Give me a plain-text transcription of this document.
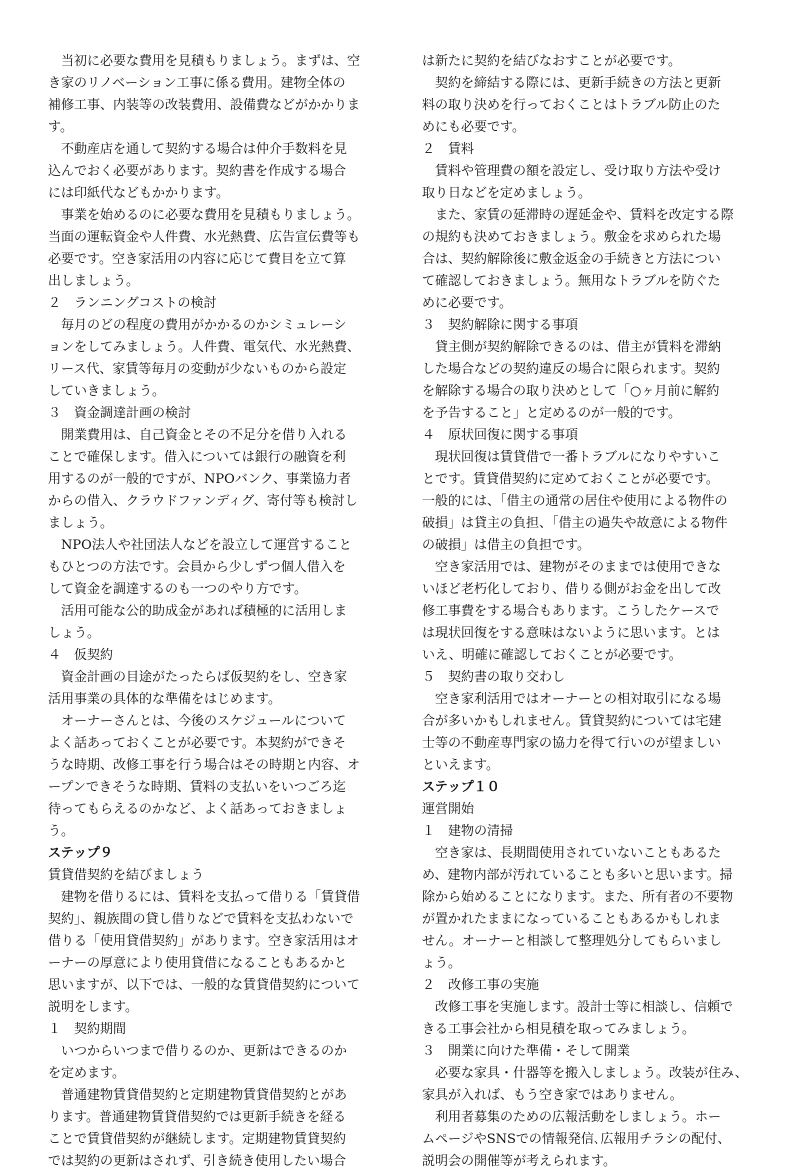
　当初に必要な費用を見積もりましょう。まずは、空
き家のリノベーション工事に係る費用。建物全体の
補修工事、内装等の改装費用、設備費などがかかりま
す。
　不動産店を通して契約する場合は仲介手数料を見
込んでおく必要があります。契約書を作成する場合
には印紙代などもかかります。
　事業を始めるのに必要な費用を見積もりましょう。
当面の運転資金や人件費、水光熱費、広告宣伝費等も
必要です。空き家活用の内容に応じて費目を立て算
出しましょう。
２　ランニングコストの検討
　毎月のどの程度の費用がかかるのかシミュレーシ
ョンをしてみましょう。人件費、電気代、水光熱費、
リース代、家賃等毎月の変動が少ないものから設定
していきましょう。
３　資金調達計画の検討
　開業費用は、自己資金とその不足分を借り入れる
ことで確保します。借入については銀行の融資を利
用するのが一般的ですが、NPOバンク、事業協力者
からの借入、クラウドファンディグ、寄付等も検討し
ましょう。
　NPO法人や社団法人などを設立して運営すること
もひとつの方法です。会員から少しずつ個人借入を
して資金を調達するのも一つのやり方です。
　活用可能な公的助成金があれば積極的に活用しま
しょう。
４　仮契約
　資金計画の目途がたったらば仮契約をし、空き家
活用事業の具体的な準備をはじめます。
　オーナーさんとは、今後のスケジュールについて
よく話あっておくことが必要です。本契約ができそ
うな時期、改修工事を行う場合はその時期と内容、オ
ープンできそうな時期、賃料の支払いをいつごろ迄
待ってもらえるのかなど、よく話あっておきましょ
う。
ステップ９
賃貸借契約を結びましょう
　建物を借りるには、賃料を支払って借りる「賃貸借
契約」、親族間の貸し借りなどで賃料を支払わないで
借りる「使用貸借契約」があります。空き家活用はオ
ーナーの厚意により使用貸借になることもあるかと
思いますが、以下では、一般的な賃貸借契約について
説明をします。
１　契約期間
　いつからいつまで借りるのか、更新はできるのか
を定めます。
　普通建物賃貸借契約と定期建物賃貸借契約とがあ
ります。普通建物賃貸借契約では更新手続きを経る
ことで賃貸借契約が継続します。定期建物賃貸契約
では契約の更新はされず、引き続き使用したい場合
は新たに契約を結びなおすことが必要です。
　契約を締結する際には、更新手続きの方法と更新
料の取り決めを行っておくことはトラブル防止のた
めにも必要です。
２　賃料
　賃料や管理費の額を設定し、受け取り方法や受け
取り日などを定めましょう。
　また、家賃の延滞時の遅延金や、賃料を改定する際
の規約も決めておきましょう。敷金を求められた場
合は、契約解除後に敷金返金の手続きと方法につい
て確認しておきましょう。無用なトラブルを防ぐた
めに必要です。
３　契約解除に関する事項
　貸主側が契約解除できるのは、借主が賃料を滞納
した場合などの契約違反の場合に限られます。契約
を解除する場合の取り決めとして「○ヶ月前に解約
を予告すること」と定めるのが一般的です。
４　原状回復に関する事項
　現状回復は賃貸借で一番トラブルになりやすいこ
とです。賃貸借契約に定めておくことが必要です。
一般的には、「借主の通常の居住や使用による物件の
破損」は貸主の負担、「借主の過失や故意による物件
の破損」は借主の負担です。
　空き家活用では、建物がそのままでは使用できな
いほど老朽化しており、借りる側がお金を出して改
修工事費をする場合もあります。こうしたケースで
は現状回復をする意味はないように思います。とは
いえ、明確に確認しておくことが必要です。
５　契約書の取り交わし
　空き家利活用ではオーナーとの相対取引になる場
合が多いかもしれません。賃貸契約については宅建
士等の不動産専門家の協力を得て行いのが望ましい
といえます。
ステップ１０
運営開始
１　建物の清掃
　空き家は、長期間使用されていないこともあるた
め、建物内部が汚れていることも多いと思います。掃
除から始めることになります。また、所有者の不要物
が置かれたままになっていることもあるかもしれま
せん。オーナーと相談して整理処分してもらいまし
ょう。
２　改修工事の実施
　改修工事を実施します。設計士等に相談し、信頼で
きる工事会社から相見積を取ってみましょう。
３　開業に向けた準備・そして開業
　必要な家具・什器等を搬入しましょう。改装が住み、
家具が入れば、もう空き家ではありません。
　利用者募集のための広報活動をしましょう。ホー
ムページやSNSでの情報発信､広報用チラシの配付、
説明会の開催等が考えられます。
